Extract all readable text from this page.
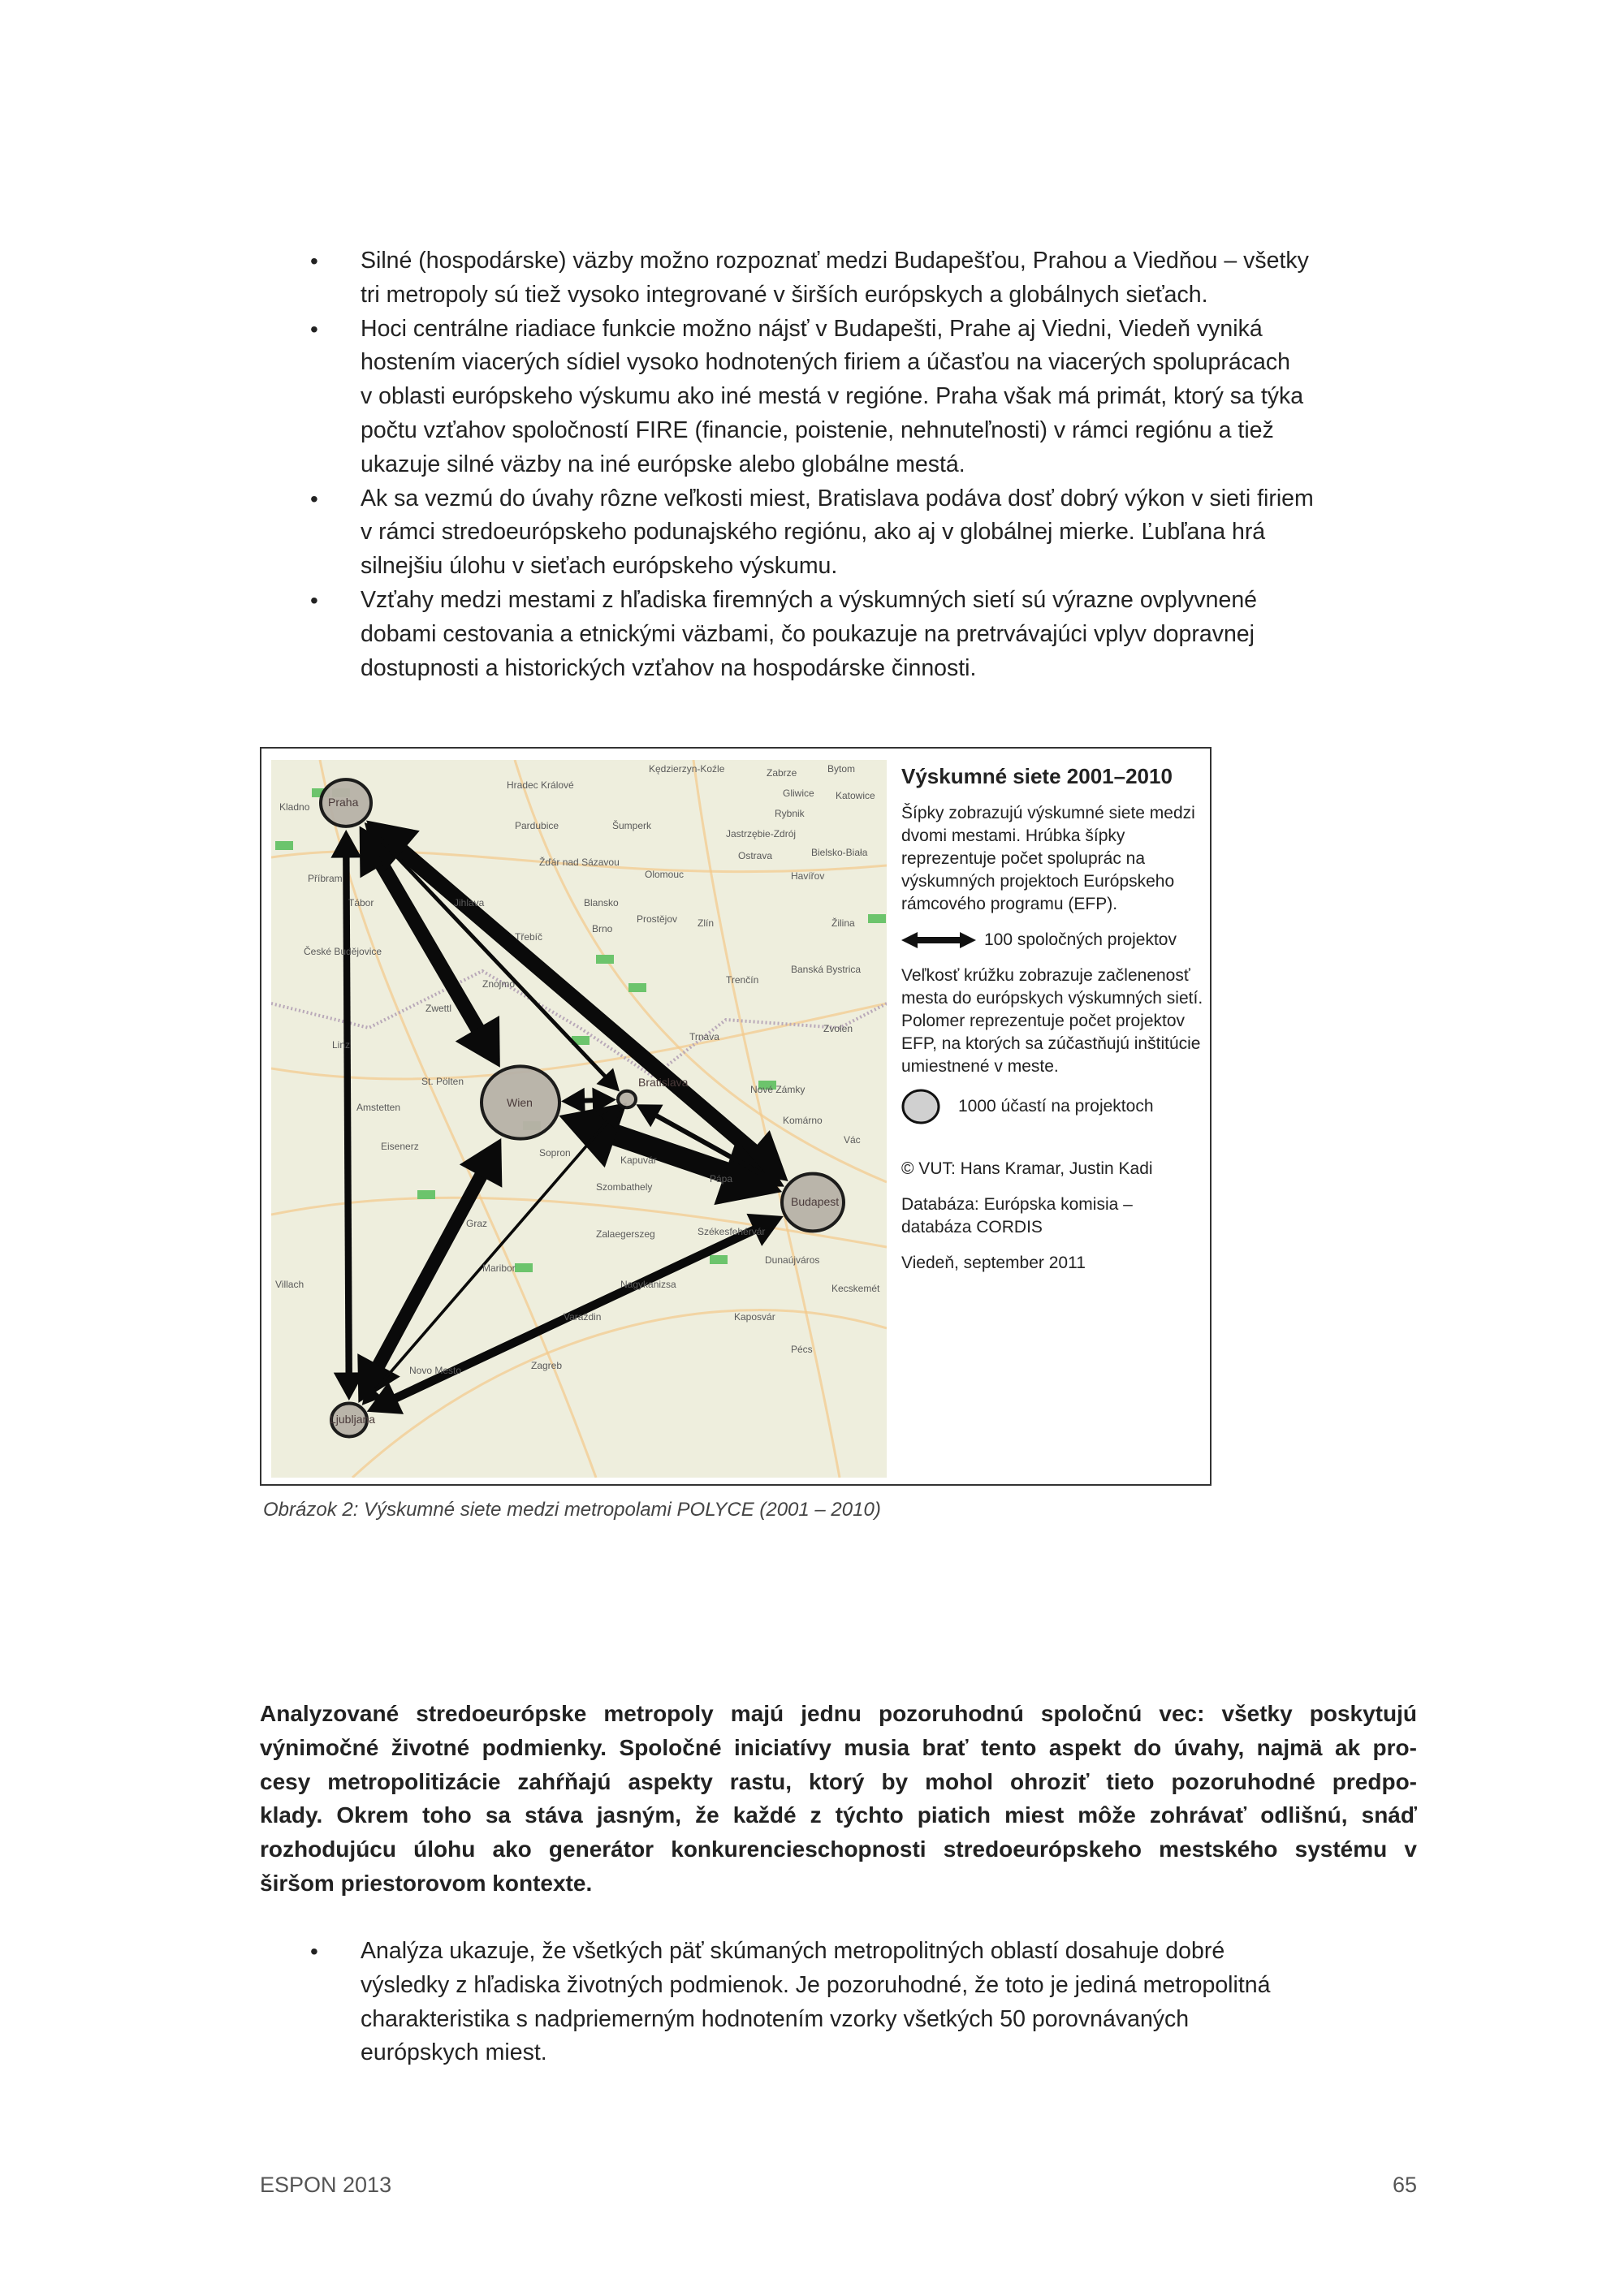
• Silné (hospodárske) väzby možno rozpoznať medzi Budapešťou, Prahou a Viedňou – všetky
tri metropoly sú tiež vysoko integrované v širších európskych a globálnych sieťach.
• Hoci centrálne riadiace funkcie možno nájsť v Budapešti, Prahe aj Viedni, Viedeň vyniká
hostením viacerých sídiel vysoko hodnotených firiem a účasťou na viacerých spoluprácach
v oblasti európskeho výskumu ako iné mestá v regióne. Praha však má primát, ktorý sa týka
počtu vzťahov spoločností FIRE (financie, poistenie, nehnuteľnosti) v rámci regiónu a tiež
ukazuje silné väzby na iné európske alebo globálne mestá.
• Ak sa vezmú do úvahy rôzne veľkosti miest, Bratislava podáva dosť dobrý výkon v sieti firiem
v rámci stredoeurópskeho podunajského regiónu, ako aj v globálnej mierke. Ľubľana hrá
silnejšiu úlohu v sieťach európskeho výskumu.
• Vzťahy medzi mestami z hľadiska firemných a výskumných sietí sú výrazne ovplyvnené
dobami cestovania a etnickými väzbami, čo poukazuje na pretrvávajúci vplyv dopravnej
dostupnosti a historických vzťahov na hospodárske činnosti.
Hradec Králové
Pardubice
Kędzierzyn-Koźle	Zabrze	Bytom
Gliwice Katowice
Rybnik
Jastrzębie-Zdrój
Ostrava	Bielsko-Biała
Havířov
Olomouc
Šumperk
Žďár nad Sázavou
Jihlava	Blansko
Prostějov
Brno	Zlín	Žilina
Třebíč
České Budějovice
Tábor
Příbram
Kladno
Trenčín
Banská Bystrica
Znojmo
Zwettl
Trnava
Zvolen
St. Pölten
Amstetten
Linz
Nové Zámky
Komárno
Vác
Sopron
Eisenerz
Szombathely
Pápa
Székesfehérvár
Graz
Maribor
Zalaegerszeg
Kecskemét
Nagykanizsa
Kaposvár
Varaždin
Pécs
Zagreb
Novo Mesto
Villach
Dunaújváros
Kapuvár
Praha
Wien
Bratislava
Budapest
Ljubljana

Výskumné siete 2001–2010

Šípky zobrazujú výskumné siete medzi dvomi mestami. Hrúbka šípky reprezentuje počet spoluprác na výskumných projektoch Európskeho rámcového programu (EFP).

100 spoločných projektov

Veľkosť krúžku zobrazuje začlenenosť mesta do európskych výskumných sietí. Polomer reprezentuje počet projektov EFP, na ktorých sa zúčastňujú inštitúcie umiestnené v meste.

1000 účastí na projektoch

© VUT: Hans Kramar, Justin Kadi

Databáza: Európska komisia – databáza CORDIS

Viedeň, september 2011

Obrázok 2: Výskumné siete medzi metropolami POLYCE (2001 – 2010)
Analyzované stredoeurópske metropoly majú jednu pozoruhodnú spoločnú vec: všetky poskytujú
výnimočné životné podmienky. Spoločné iniciatívy musia brať tento aspekt do úvahy, najmä ak pro-
cesy metropolitizácie zahŕňajú aspekty rastu, ktorý by mohol ohroziť tieto pozoruhodné predpo-
klady. Okrem toho sa stáva jasným, že každé z týchto piatich miest môže zohrávať odlišnú, snáď
rozhodujúcu úlohu ako generátor konkurencieschopnosti stredoeurópskeho mestského systému v
širšom priestorovom kontexte.
• Analýza ukazuje, že všetkých päť skúmaných metropolitných oblastí dosahuje dobré
výsledky z hľadiska životných podmienok. Je pozoruhodné, že toto je jediná metropolitná
charakteristika s nadpriemerným hodnotením vzorky všetkých 50 porovnávaných
európskych miest.
ESPON 2013	65
